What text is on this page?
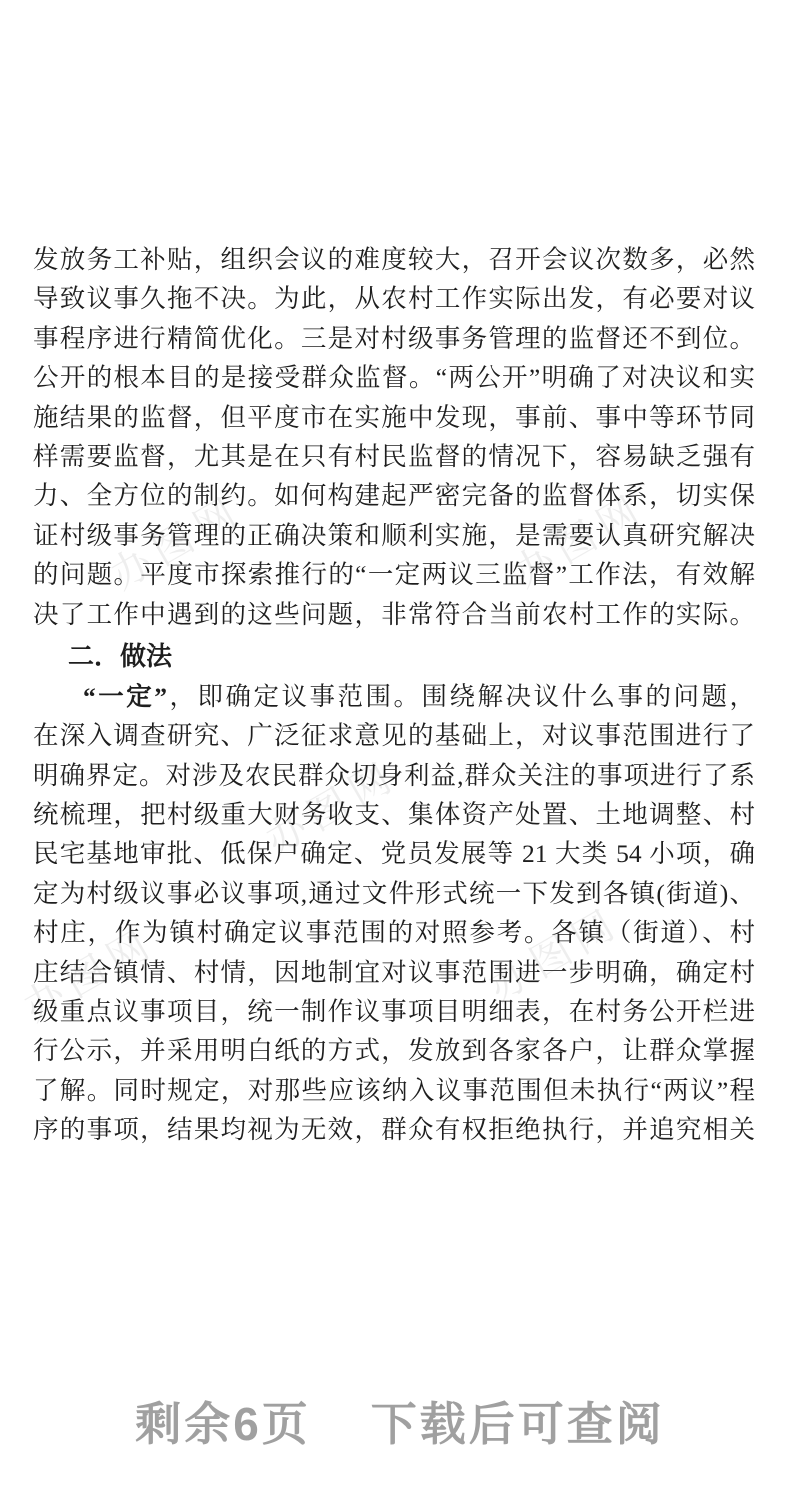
办图网	办图网
办图网
办图网	办图网
发放务工补贴，组织会议的难度较大，召开会议次数多，必然
导致议事久拖不决。为此，从农村工作实际出发，有必要对议
事程序进行精简优化。三是对村级事务管理的监督还不到位。
公开的根本目的是接受群众监督。“两公开”明确了对决议和实
施结果的监督，但平度市在实施中发现，事前、事中等环节同
样需要监督，尤其是在只有村民监督的情况下，容易缺乏强有
力、全方位的制约。如何构建起严密完备的监督体系，切实保
证村级事务管理的正确决策和顺利实施，是需要认真研究解决
的问题。平度市探索推行的“一定两议三监督”工作法，有效解
决了工作中遇到的这些问题，非常符合当前农村工作的实际。
二．做法
“一定”，即确定议事范围。围绕解决议什么事的问题，
在深入调查研究、广泛征求意见的基础上，对议事范围进行了
明确界定。对涉及农民群众切身利益,群众关注的事项进行了系
统梳理，把村级重大财务收支、集体资产处置、土地调整、村
民宅基地审批、低保户确定、党员发展等 21 大类 54 小项，确
定为村级议事必议事项,通过文件形式统一下发到各镇(街道)、
村庄，作为镇村确定议事范围的对照参考。各镇（街道）、村
庄结合镇情、村情，因地制宜对议事范围进一步明确，确定村
级重点议事项目，统一制作议事项目明细表，在村务公开栏进
行公示，并采用明白纸的方式，发放到各家各户，让群众掌握
了解。同时规定，对那些应该纳入议事范围但未执行“两议”程
序的事项，结果均视为无效，群众有权拒绝执行，并追究相关
剩余6页 下载后可查阅
